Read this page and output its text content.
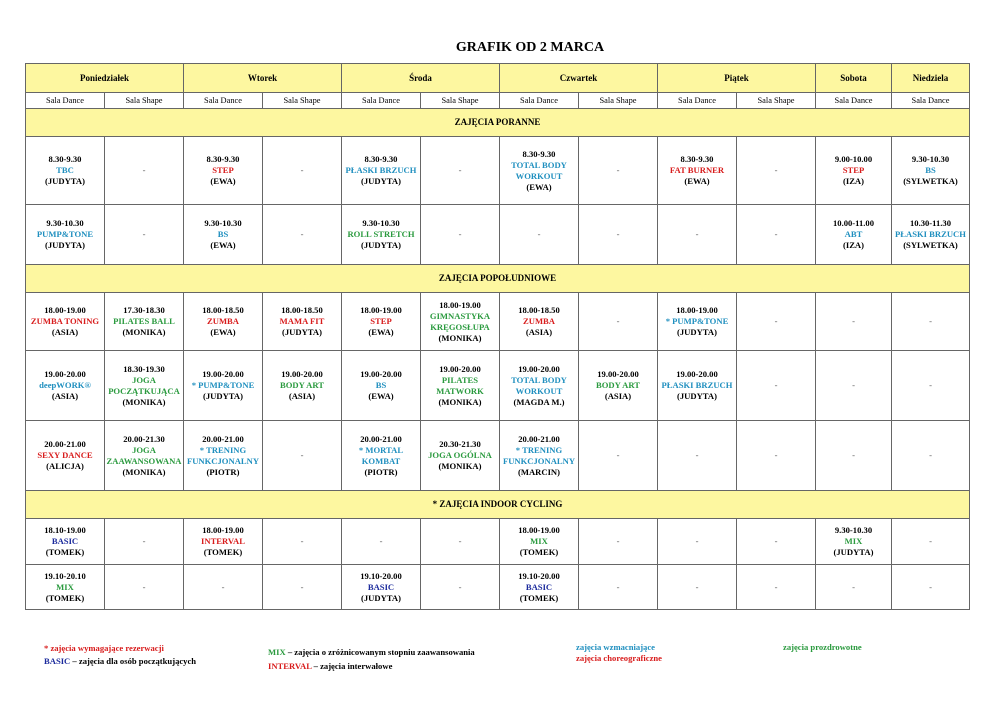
GRAFIK OD 2 MARCA
Poniedziałek		Wtorek		Środa		Czwartek		Piątek		Sobota	Niedziela
Sala Dance	Sala Shape	Sala Dance	Sala Shape	Sala Dance	Sala Shape	Sala Dance	Sala Shape	Sala Dance	Sala Shape	Sala Dance	Sala Dance
ZAJĘCIA PORANNE											

8.30-9.30
TBC
(JUDYTA)	-	8.30-9.30
STEP
(EWA)	-	8.30-9.30
PŁASKI BRZUCH
(JUDYTA)	-	8.30-9.30
TOTAL BODY WORKOUT
(EWA)	-	8.30-9.30
FAT BURNER
(EWA)	-	9.00-10.00
STEP
(IZA)	9.30-10.30
BS
(SYLWETKA)

9.30-10.30
PUMP&TONE
(JUDYTA)	-	9.30-10.30
BS
(EWA)	-	9.30-10.30
ROLL STRETCH
(JUDYTA)	-	-	-	-	-	10.00-11.00
ABT
(IZA)	10.30-11.30
PŁASKI BRZUCH
(SYLWETKA)

ZAJĘCIA POPOŁUDNIOWE											

18.00-19.00
ZUMBA TONING
(ASIA)	17.30-18.30
PILATES BALL
(MONIKA)	18.00-18.50
ZUMBA
(EWA)	18.00-18.50
MAMA FIT
(JUDYTA)	18.00-19.00
STEP
(EWA)	18.00-19.00
GIMNASTYKA KRĘGOSŁUPA
(MONIKA)	18.00-18.50
ZUMBA
(ASIA)	-	18.00-19.00
* PUMP&TONE
(JUDYTA)	-	-	-

19.00-20.00
deepWORK®
(ASIA)	18.30-19.30
JOGA POCZĄTKUJĄCA
(MONIKA)	19.00-20.00
* PUMP&TONE
(JUDYTA)	19.00-20.00
BODY ART
(ASIA)	19.00-20.00
BS
(EWA)	19.00-20.00
PILATES MATWORK
(MONIKA)	19.00-20.00
TOTAL BODY WORKOUT
(MAGDA M.)	19.00-20.00
BODY ART
(ASIA)	19.00-20.00
PŁASKI BRZUCH
(JUDYTA)	-	-	-

20.00-21.00
SEXY DANCE
(ALICJA)	20.00-21.30
JOGA ZAAWANSOWANA
(MONIKA)	20.00-21.00
* TRENING FUNKCJONALNY
(PIOTR)	-	20.00-21.00
* MORTAL KOMBAT
(PIOTR)	20.30-21.30
JOGA OGÓLNA
(MONIKA)	20.00-21.00
* TRENING FUNKCJONALNY
(MARCIN)	-	-	-	-	-
* ZAJĘCIA INDOOR CYCLING											

18.10-19.00
BASIC
(TOMEK)	-	18.00-19.00
INTERVAL
(TOMEK)	-	-	-	18.00-19.00
MIX
(TOMEK)	-	-	-	9.30-10.30
MIX
(JUDYTA)	-

19.10-20.10
MIX
(TOMEK)	-	-	-	19.10-20.00
BASIC
(JUDYTA)	-	19.10-20.00
BASIC
(TOMEK)	-	-	-	-	-
* zajęcia wymagające rezerwacji
BASIC – zajęcia dla osób początkujących
MIX – zajęcia o zróżnicowanym stopniu zaawansowania
INTERVAL – zajęcia interwałowe
zajęcia wzmacniające
zajęcia choreograficzne
zajęcia prozdrowotne
